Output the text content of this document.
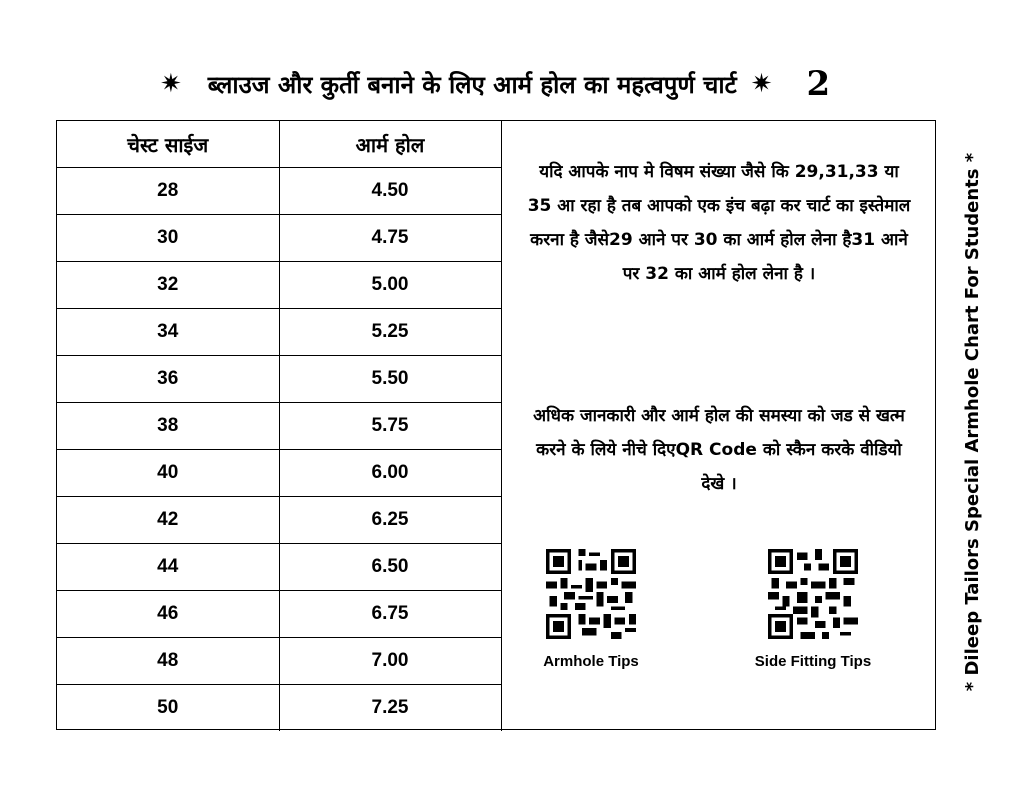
✷ ब्लाउज और कुर्ती बनाने के लिए आर्म होल का महत्वपुर्ण चार्ट ✷ 2
चेस्ट साईज	आर्म होल
28	4.50
30	4.75
32	5.00
34	5.25
36	5.50
38	5.75
40	6.00
42	6.25
44	6.50
46	6.75
48	7.00
50	7.25
यदि आपके नाप मे विषम संख्या जैसे कि 29,31,33 या 35 आ रहा है तब आपको एक इंच बढ़ा कर चार्ट का इस्तेमाल करना है जैसे29 आने पर 30 का आर्म होल लेना है31 आने पर 32 का आर्म होल लेना है ।
अधिक जानकारी और आर्म होल की समस्या को जड से खत्म करने के लिये नीचे दिएQR Code को स्कैन करके वीडियो देखे ।
Armhole Tips	Side Fitting Tips	* Dileep Tailors Special Armhole Chart For Students *
